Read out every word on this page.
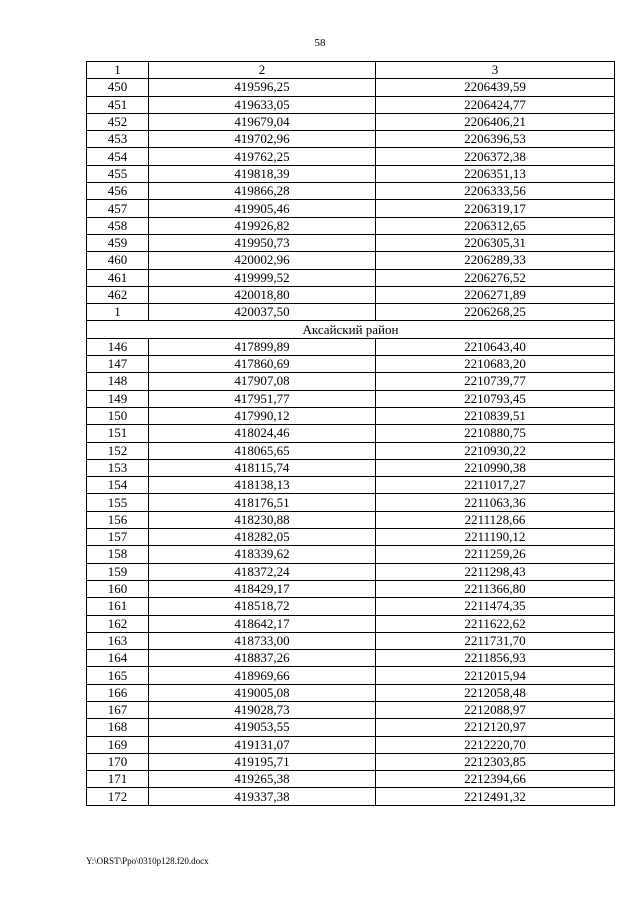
58
1	2	3
450	419596,25	2206439,59
451	419633,05	2206424,77
452	419679,04	2206406,21
453	419702,96	2206396,53
454	419762,25	2206372,38
455	419818,39	2206351,13
456	419866,28	2206333,56
457	419905,46	2206319,17
458	419926,82	2206312,65
459	419950,73	2206305,31
460	420002,96	2206289,33
461	419999,52	2206276,52
462	420018,80	2206271,89
1	420037,50	2206268,25
Аксайский район		
146	417899,89	2210643,40
147	417860,69	2210683,20
148	417907,08	2210739,77
149	417951,77	2210793,45
150	417990,12	2210839,51
151	418024,46	2210880,75
152	418065,65	2210930,22
153	418115,74	2210990,38
154	418138,13	2211017,27
155	418176,51	2211063,36
156	418230,88	2211128,66
157	418282,05	2211190,12
158	418339,62	2211259,26
159	418372,24	2211298,43
160	418429,17	2211366,80
161	418518,72	2211474,35
162	418642,17	2211622,62
163	418733,00	2211731,70
164	418837,26	2211856,93
165	418969,66	2212015,94
166	419005,08	2212058,48
167	419028,73	2212088,97
168	419053,55	2212120,97
169	419131,07	2212220,70
170	419195,71	2212303,85
171	419265,38	2212394,66
172	419337,38	2212491,32
Y:\ORST\Ppo\0310p128.f20.docx
